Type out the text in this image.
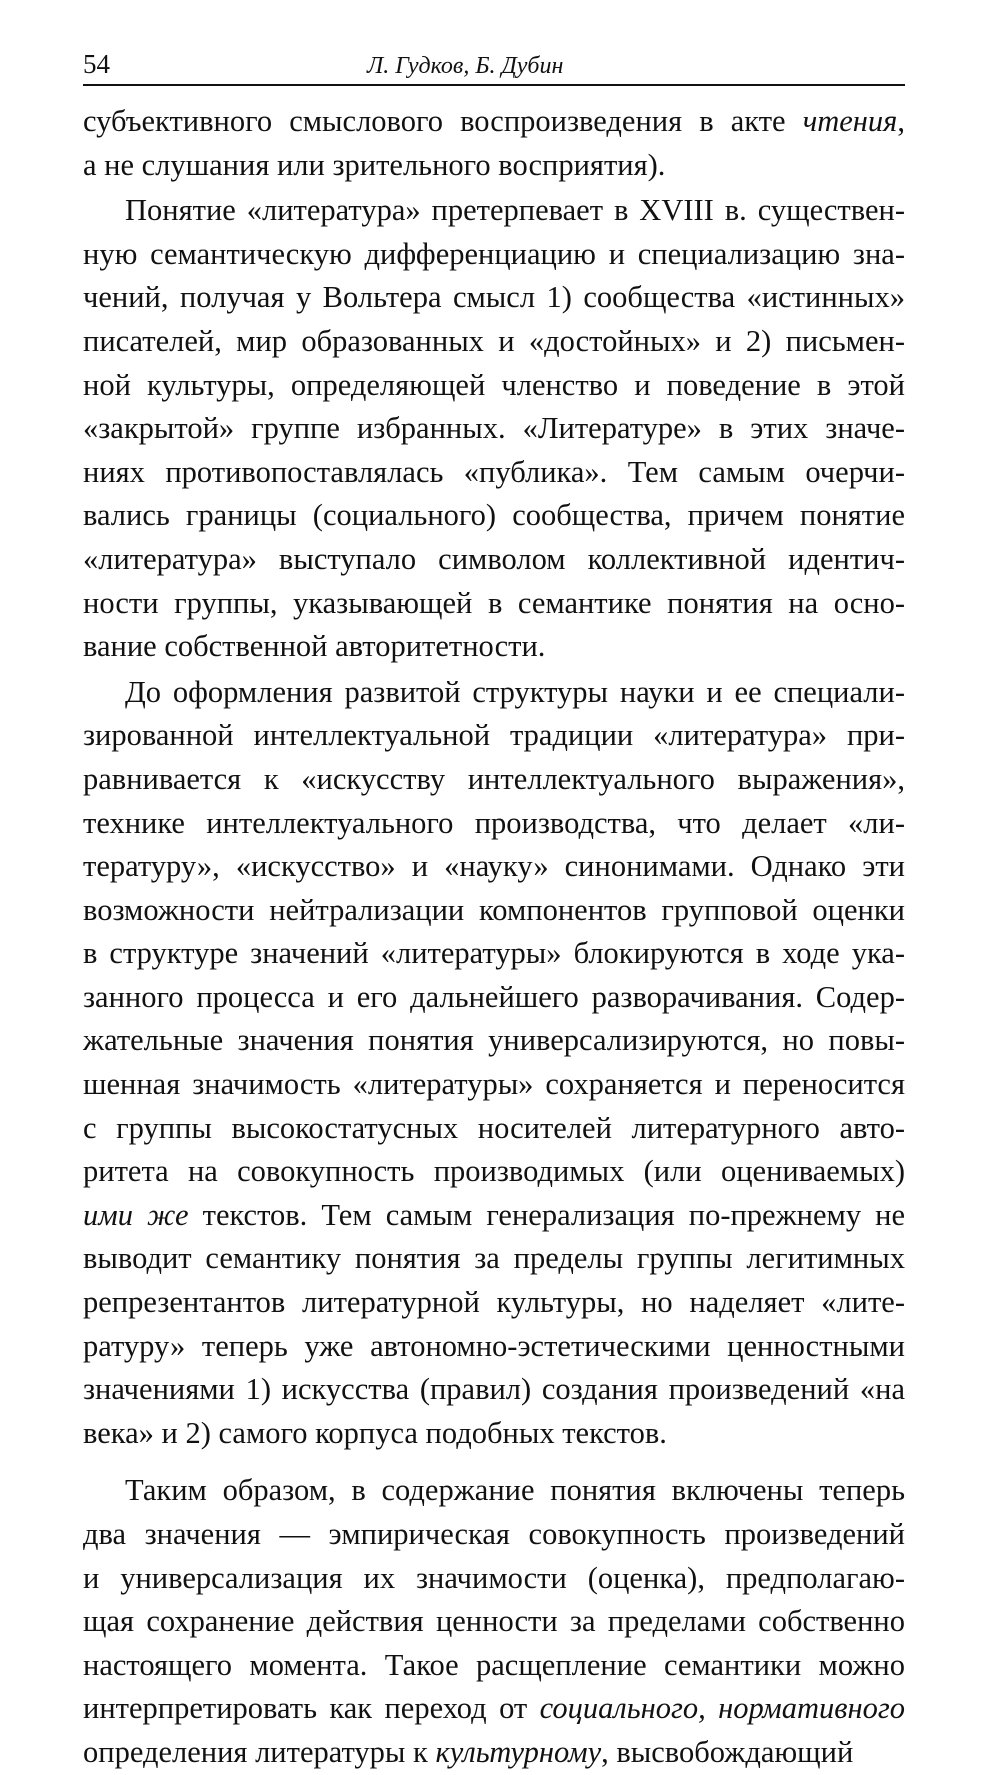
54	Л. Гудков, Б. Дубин
субъективного смыслового воспроизведения в акте чтения,
а не слушания или зрительного восприятия).
Понятие «литература» претерпевает в XVIII в. существен-
ную семантическую дифференциацию и специализацию зна-
чений, получая у Вольтера смысл 1) сообщества «истинных»
писателей, мир образованных и «достойных» и 2) письмен-
ной культуры, определяющей членство и поведение в этой
«закрытой» группе избранных. «Литературе» в этих значе-
ниях противопоставлялась «публика». Тем самым очерчи-
вались границы (социального) сообщества, причем понятие
«литература» выступало символом коллективной идентич-
ности группы, указывающей в семантике понятия на осно-
вание собственной авторитетности.
До оформления развитой структуры науки и ее специали-
зированной интеллектуальной традиции «литература» при-
равнивается к «искусству интеллектуального выражения»,
технике интеллектуального производства, что делает «ли-
тературу», «искусство» и «науку» синонимами. Однако эти
возможности нейтрализации компонентов групповой оценки
в структуре значений «литературы» блокируются в ходе ука-
занного процесса и его дальнейшего разворачивания. Содер-
жательные значения понятия универсализируются, но повы-
шенная значимость «литературы» сохраняется и переносится
с группы высокостатусных носителей литературного авто-
ритета на совокупность производимых (или оцениваемых)
ими же текстов. Тем самым генерализация по-прежнему не
выводит семантику понятия за пределы группы легитимных
репрезентантов литературной культуры, но наделяет «лите-
ратуру» теперь уже автономно-эстетическими ценностными
значениями 1) искусства (правил) создания произведений «на
века» и 2) самого корпуса подобных текстов.
Таким образом, в содержание понятия включены теперь
два значения — эмпирическая совокупность произведений
и универсализация их значимости (оценка), предполагаю-
щая сохранение действия ценности за пределами собственно
настоящего момента. Такое расщепление семантики можно
интерпретировать как переход от социального, нормативного
определения литературы к культурному, высвобождающий
